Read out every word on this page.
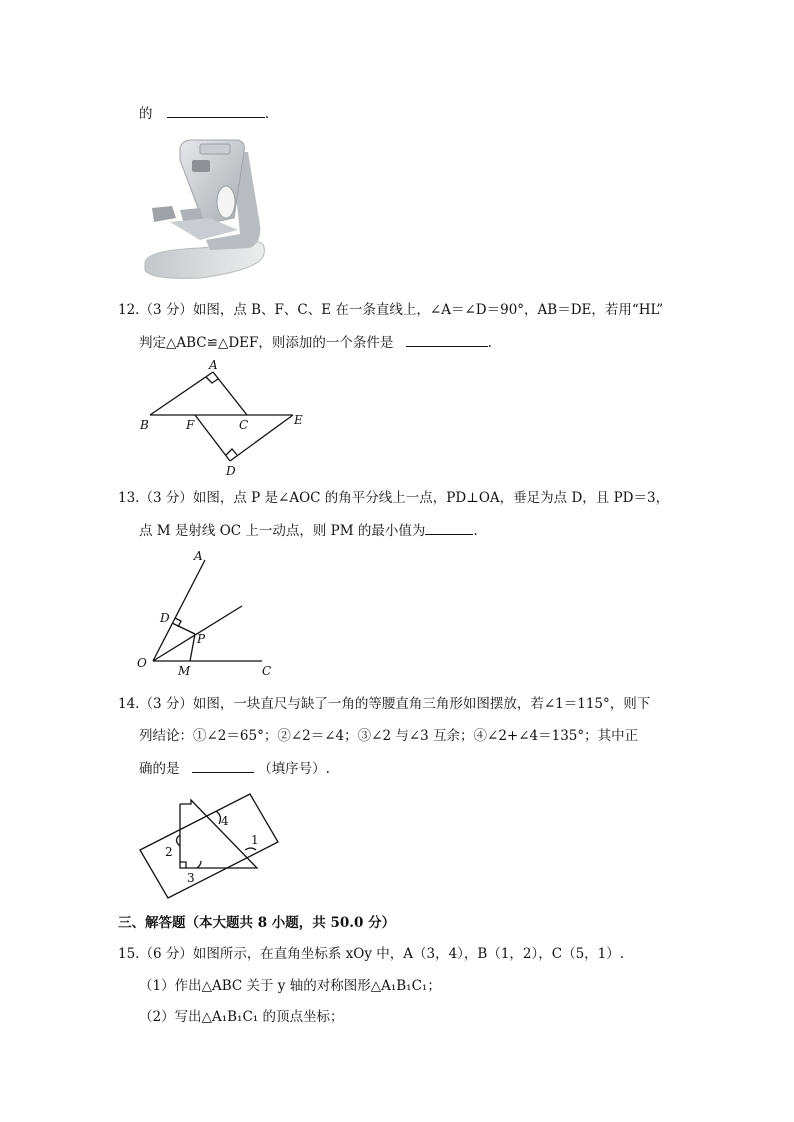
的	.
12.（3 分）如图，点 B、F、C、E 在一条直线上，∠A＝∠D＝90°，AB＝DE，若用“HL”
判定△ABC≌△DEF，则添加的一个条件是	.
A
B	F	C	E
D
13.（3 分）如图，点 P 是∠AOC 的角平分线上一点，PD⊥OA，垂足为点 D，且 PD＝3，
点 M 是射线 OC 上一动点，则 PM 的最小值为	.
A
D
P
O
M	C
14.（3 分）如图，一块直尺与缺了一角的等腰直角三角形如图摆放，若∠1＝115°，则下
列结论：①∠2＝65°；②∠2＝∠4；③∠2 与∠3 互余；④∠2+∠4＝135°；其中正
确的是	（填序号）.
1
2
3
4
三、解答题（本大题共 8 小题，共 50.0 分）
15.（6 分）如图所示，在直角坐标系 xOy 中，A（3，4），B（1，2），C（5，1）.
（1）作出△ABC 关于 y 轴的对称图形△A₁B₁C₁；
（2）写出△A₁B₁C₁ 的顶点坐标；
